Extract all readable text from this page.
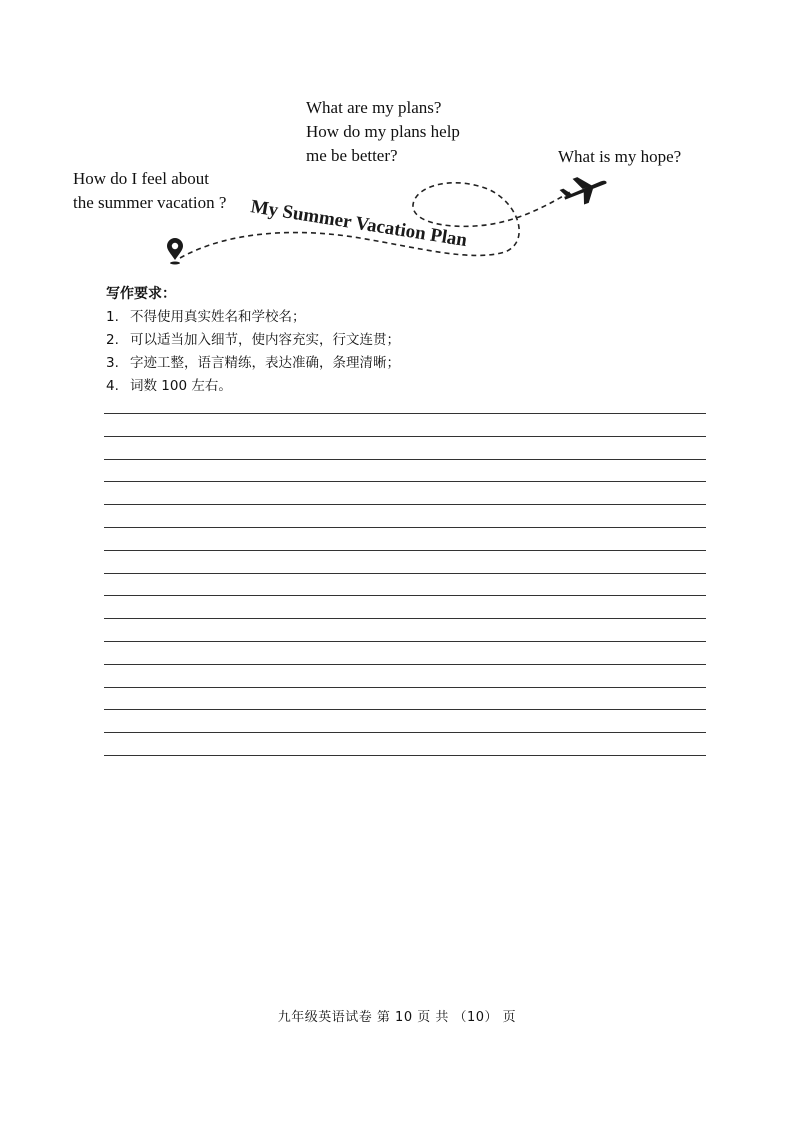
What are my plans?
How do my plans help
me be better?	What is my hope?
How do I feel about
the summer vacation ? My Summer Vacation Plan
写作要求：
1. 不得使用真实姓名和学校名；
2. 可以适当加入细节，使内容充实，行文连贯；
3. 字迹工整，语言精练，表达准确，条理清晰；
4. 词数 100 左右。
九年级英语试卷 第 10 页 共 （10） 页
